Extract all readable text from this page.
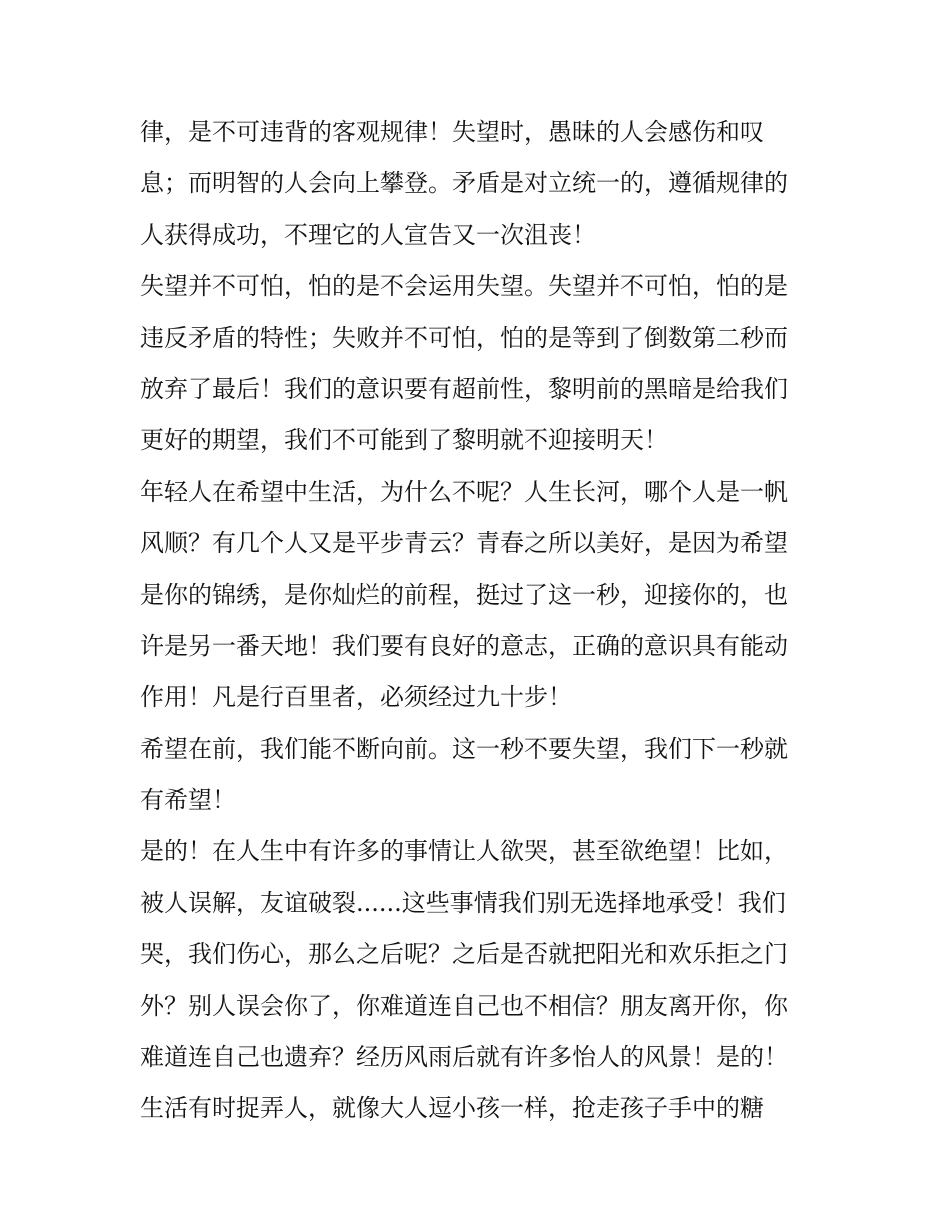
律，是不可违背的客观规律！失望时，愚昧的人会感伤和叹
息；而明智的人会向上攀登。矛盾是对立统一的，遵循规律的
人获得成功，不理它的人宣告又一次沮丧！
失望并不可怕，怕的是不会运用失望。失望并不可怕，怕的是
违反矛盾的特性；失败并不可怕，怕的是等到了倒数第二秒而
放弃了最后！我们的意识要有超前性，黎明前的黑暗是给我们
更好的期望，我们不可能到了黎明就不迎接明天！
年轻人在希望中生活，为什么不呢？人生长河，哪个人是一帆
风顺？有几个人又是平步青云？青春之所以美好，是因为希望
是你的锦绣，是你灿烂的前程，挺过了这一秒，迎接你的，也
许是另一番天地！我们要有良好的意志，正确的意识具有能动
作用！凡是行百里者，必须经过九十步！
希望在前，我们能不断向前。这一秒不要失望，我们下一秒就
有希望！
是的！在人生中有许多的事情让人欲哭，甚至欲绝望！比如，
被人误解，友谊破裂......这些事情我们别无选择地承受！我们
哭，我们伤心，那么之后呢？之后是否就把阳光和欢乐拒之门
外？别人误会你了，你难道连自己也不相信？朋友离开你，你
难道连自己也遗弃？经历风雨后就有许多怡人的风景！是的！
生活有时捉弄人，就像大人逗小孩一样，抢走孩子手中的糖
